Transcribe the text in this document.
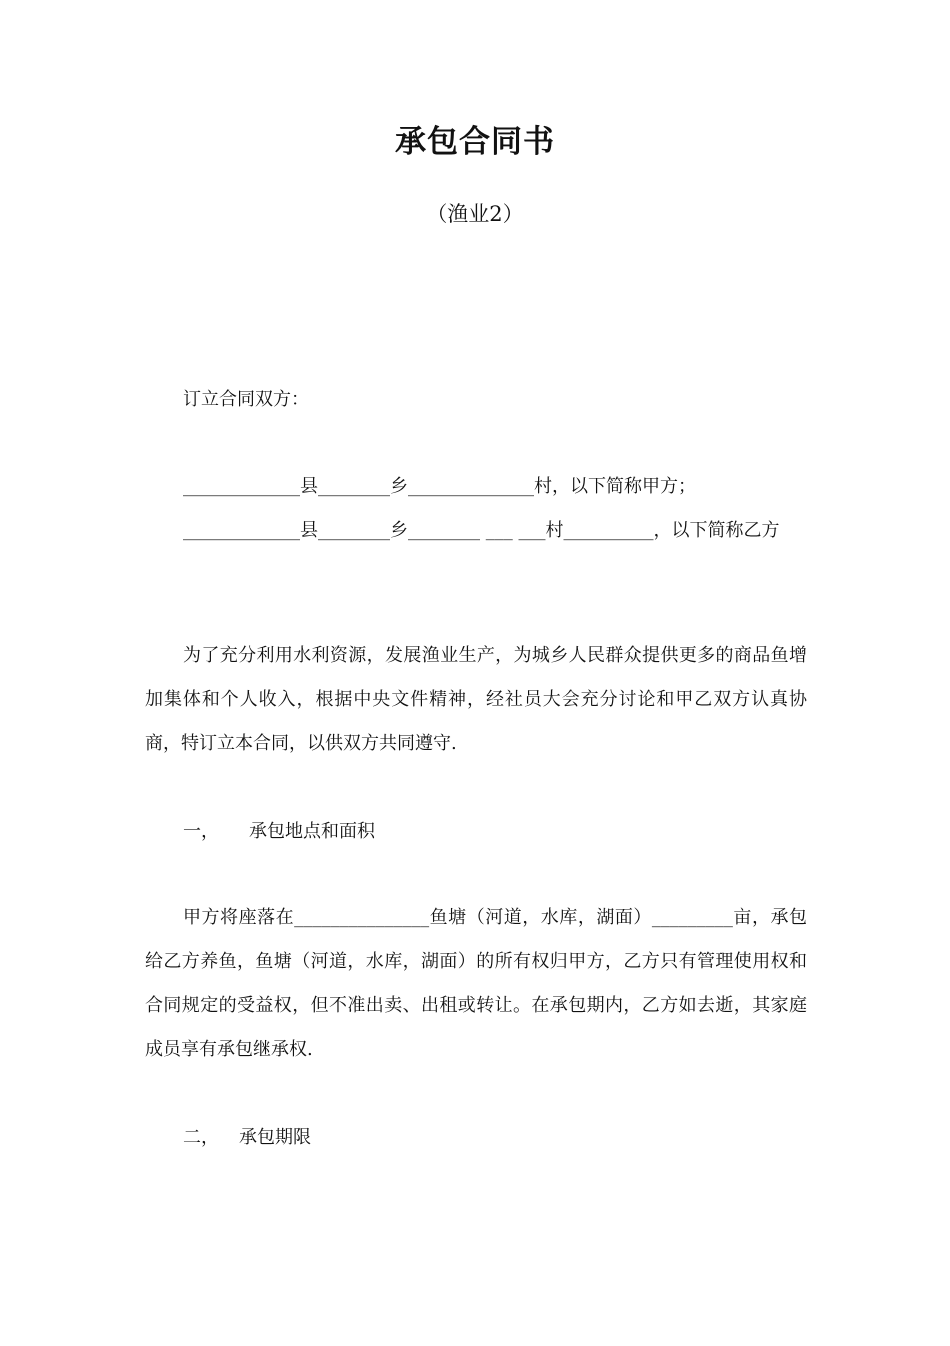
承包合同书
（渔业2）
订立合同双方：
_____________县________乡______________村，以下简称甲方；
_____________县________乡________ ___ ___村__________，以下简称乙方
为了充分利用水利资源，发展渔业生产，为城乡人民群众提供更多的商品鱼增加集体和个人收入，根据中央文件精神，经社员大会充分讨论和甲乙双方认真协商，特订立本合同，以供双方共同遵守.
一， 承包地点和面积
甲方将座落在_______________鱼塘（河道，水库，湖面）_________亩，承包给乙方养鱼，鱼塘（河道，水库，湖面）的所有权归甲方，乙方只有管理使用权和合同规定的受益权，但不准出卖、出租或转让。在承包期内，乙方如去逝，其家庭成员享有承包继承权.
二， 承包期限
